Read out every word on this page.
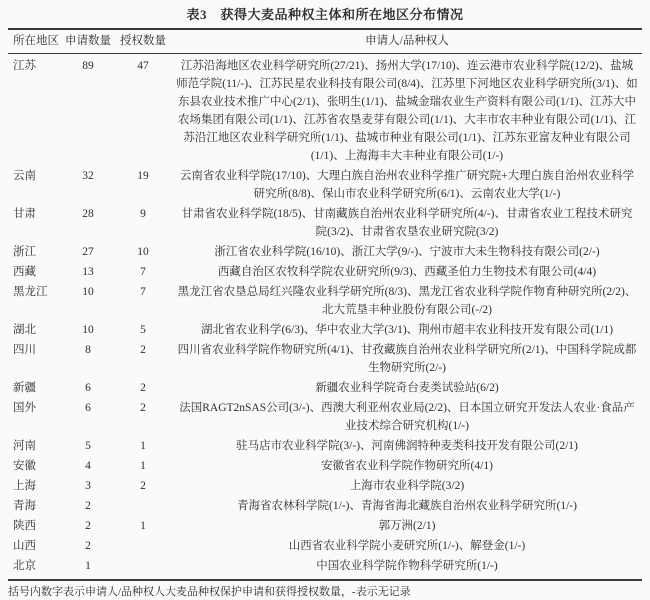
表3　获得大麦品种权主体和所在地区分布情况
所在地区 申请数量 授权数量	申请人/品种权人
江苏	89	47	江苏沿海地区农业科学研究所(27/21)、扬州大学(17/10)、连云港市农业科学院(12/2)、盐城师范学院(11/-)、江苏民星农业科技有限公司(8/4)、江苏里下河地区农业科学研究所(3/1)、如东县农业技术推广中心(2/1)、张明生(1/1)、盐城金瑞农业生产资料有限公司(1/1)、江苏大中农场集团有限公司(1/1)、江苏省农垦麦芽有限公司(1/1)、大丰市农丰种业有限公司(1/1)、江苏沿江地区农业科学研究所(1/1)、盐城市种业有限公司(1/1)、江苏东亚富友种业有限公司(1/1)、上海海丰大丰种业有限公司(1/-)
云南	32	19	云南省农业科学院(17/10)、大理白族自治州农业科学推广研究院+大理白族自治州农业科学研究所(8/8)、保山市农业科学研究所(6/1)、云南农业大学(1/-)
甘肃	28	9	甘肃省农业科学院(18/5)、甘南藏族自治州农业科学研究所(4/-)、甘肃省农业工程技术研究院(3/2)、甘肃省农垦农业研究院(3/2)
浙江	27	10	浙江省农业科学院(16/10)、浙江大学(9/-)、宁波市大未生物科技有限公司(2/-)
西藏	13	7	西藏自治区农牧科学院农业研究所(9/3)、西藏圣伯力生物技术有限公司(4/4)
黑龙江	10	7	黑龙江省农垦总局红兴隆农业科学研究所(8/3)、黑龙江省农业科学院作物育种研究所(2/2)、北大荒垦丰种业股份有限公司(-/2)
湖北	10	5	湖北省农业科学(6/3)、华中农业大学(3/1)、荆州市超丰农业科技开发有限公司(1/1)
四川	8	2	四川省农业科学院作物研究所(4/1)、甘孜藏族自治州农业科学研究所(2/1)、中国科学院成都生物研究所(2/-)
新疆	6	2	新疆农业科学院奇台麦类试验站(6/2)
国外	6	2	法国RAGT2nSAS公司(3/-)、西澳大利亚州农业局(2/2)、日本国立研究开发法人农业·食品产业技术综合研究机构(1/-)
河南	5	1	驻马店市农业科学院(3/-)、河南佛润特种麦类科技开发有限公司(2/1)
安徽	4	1	安徽省农业科学院作物研究所(4/1)
上海	3	2	上海市农业科学院(3/2)
青海	2	青海省农林科学院(1/-)、青海省海北藏族自治州农业科学研究所(1/-)
陕西	2	1	郭万洲(2/1)
山西	2	山西省农业科学院小麦研究所(1/-)、解登金(1/-)
北京	1	中国农业科学院作物科学研究所(1/-)
括号内数字表示申请人/品种权人大麦品种权保护申请和获得授权数量，-表示无记录
